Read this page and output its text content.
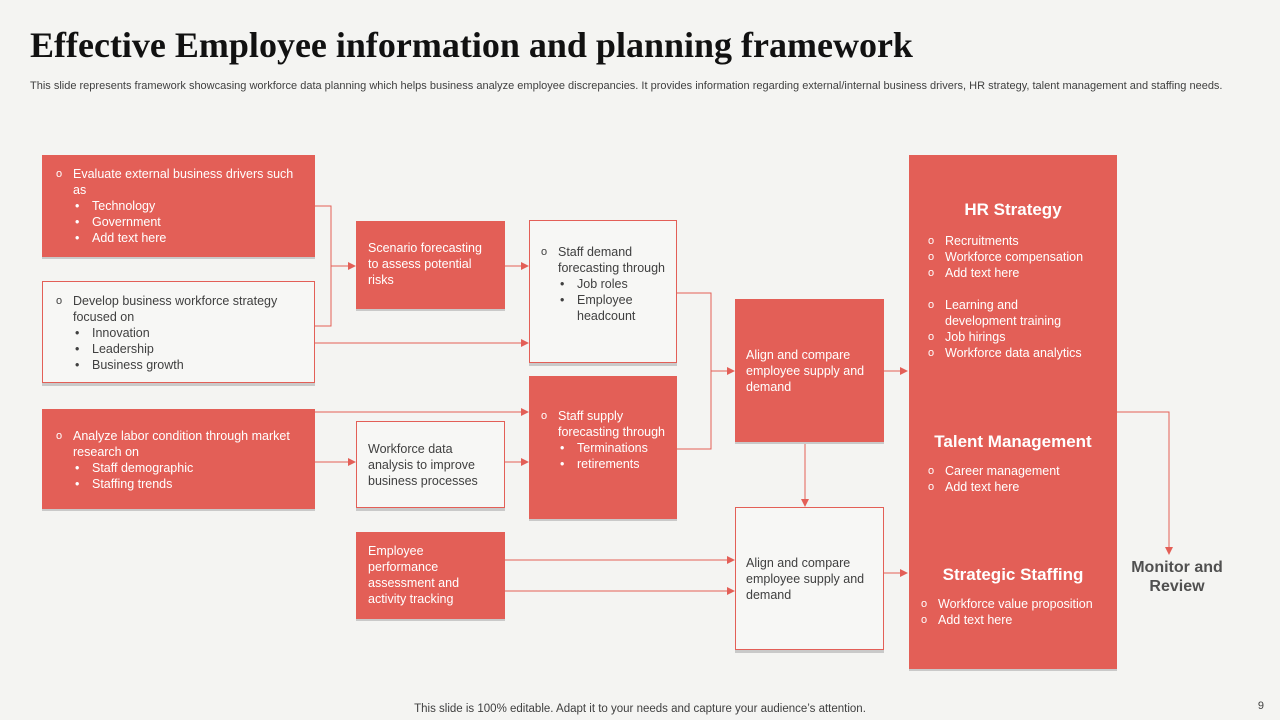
Effective Employee information and planning framework

This slide represents framework showcasing workforce data planning which helps business analyze employee discrepancies. It provides information regarding external/internal business drivers, HR strategy, talent management and staffing needs.

o Evaluate external business drivers such as
• Technology
• Government
• Add text here
o Develop business workforce strategy focused on
• Innovation
• Leadership
• Business growth
o Analyze labor condition through market research on
• Staff demographic
• Staffing trends
Scenario forecasting to assess potential risks
Workforce data analysis to improve business processes
Employee performance assessment and activity tracking
o Staff demand forecasting through
• Job roles
• Employee headcount
o Staff supply forecasting through
• Terminations
• retirements
Align and compare employee supply and demand
Align and compare employee supply and demand
HR Strategy
o Recruitments
o Workforce compensation
o Add text here
o Learning and development training
o Job hirings
o Workforce data analytics
Talent Management
o Career management
o Add text here
Strategic Staffing
o Workforce value proposition
o Add text here
Monitor and Review
This slide is 100% editable. Adapt it to your needs and capture your audience’s attention.	9
